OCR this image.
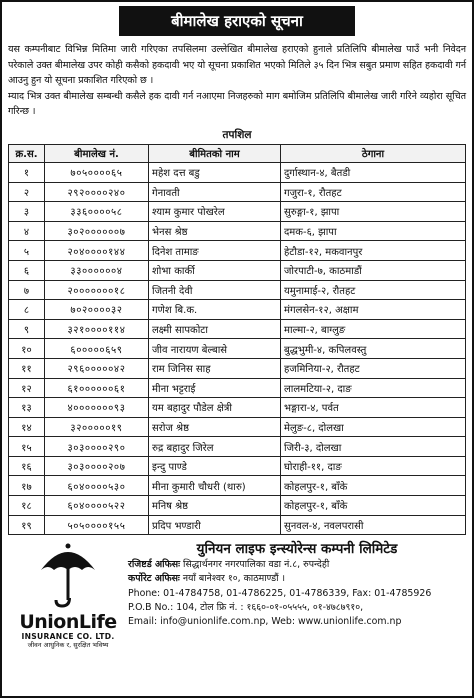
बीमालेख हराएको सूचना

यस कम्पनीबाट विभिन्न मितिमा जारी गरिएका तपसिलमा उल्लेखित बीमालेख हराएको हुनाले प्रतिलिपि बीमालेख पाउँ भनी निवेदन परेकाले उक्त बीमालेख उपर कोही कसैको हकदावी भए यो सूचना प्रकाशित भएको मितिले ३५ दिन भित्र सबुत प्रमाण सहित हकदावी गर्न आउनु हुन यो सूचना प्रकाशित गरिएको छ ।

म्याद भित्र उक्त बीमालेख सम्बन्धी कसैले हक दावी गर्न नआएमा निजहरुको माग बमोजिम प्रतिलिपि बीमालेख जारी गरिने व्यहोरा सूचित गरिन्छ ।

तपशिल
क्र.स.	बीमालेख नं.	बीमितको नाम	ठेगाना
१	७०५००००६५	महेश दत्त बडु	दुर्गास्थान-४, बैतडी
२	२९२००००२४०	गेनावती	गजुरा-१, रौतहट
३	३३६००००५८	श्याम कुमार पोखरेल	सुरुङ्गा-१, झापा
४	३०२००००००७	भेनस श्रेष्ठ	दमक-६, झापा
५	२०४००००१४४	दिनेश तामाङ	हेटौडा-१२, मकवानपुर
६	३३००००००४	शोभा कार्की	जोरपाटी-७, काठमाडौं
७	२०००००००१८	जितनी देवी	यमुनामाई-२, रौतहट
८	७०२००००३२	गणेश बि.क.	मंगलसेन-१२, अक्षाम
९	३२१००००११४	लक्ष्मी सापकोटा	माल्मा-२, बाग्लुङ
१०	६०००००६५९	जीव नारायण बेल्बासे	बुद्धभुमी-४, कपिलवस्तु
११	२९६०००००४२	राम जिनिस साह	हजमिनिया-२, रौतहट
१२	६१००००००६१	मीना भट्टराई	लालमटिया-२, दाङ
१३	४०००००००९३	यम बहादुर पौडेल क्षेत्री	भङ्गारा-४, पर्वत
१४	३२०००००१९	सरोज श्रेष्ठ	मेलुङ-८, दोलखा
१५	३०३००००२९०	रुद्र बहादुर जिरेल	जिरी-३, दोलखा
१६	३०३००००२०७	इन्दु पाण्डे	घोराही-११, दाङ
१७	६०४००००५३०	मीना कुमारी चौधरी (थारु)	कोहलपुर-१, बाँके
१८	६०४००००५२२	मनिष श्रेष्ठ	कोहलपुर-१, बाँके
१९	५०५००००१५५	प्रदिप भण्डारी	सुनवल-४, नवलपरासी
UnionLife
INSURANCE CO. LTD.
जीवन आधुनिक र, सुरक्षित भविष्य
युनियन लाइफ इन्स्योरेन्स कम्पनी लिमिटेड
रजिष्टर्ड अफिसः सिद्धार्थनगर नगरपालिका वडा नं.८, रुपन्देही
कर्पोरेट अफिसः नयाँ बानेश्वर १०, काठमाण्डौं ।
Phone: 01-4784758, 01-4786225, 01-4786339, Fax: 01-4785926
P.O.B No.: 104, टोल फ्रि नं. : १६६०-०१-०५५५५, ०१-४७८७९१०,
Email: info@unionlife.com.np, Web: www.unionlife.com.np
